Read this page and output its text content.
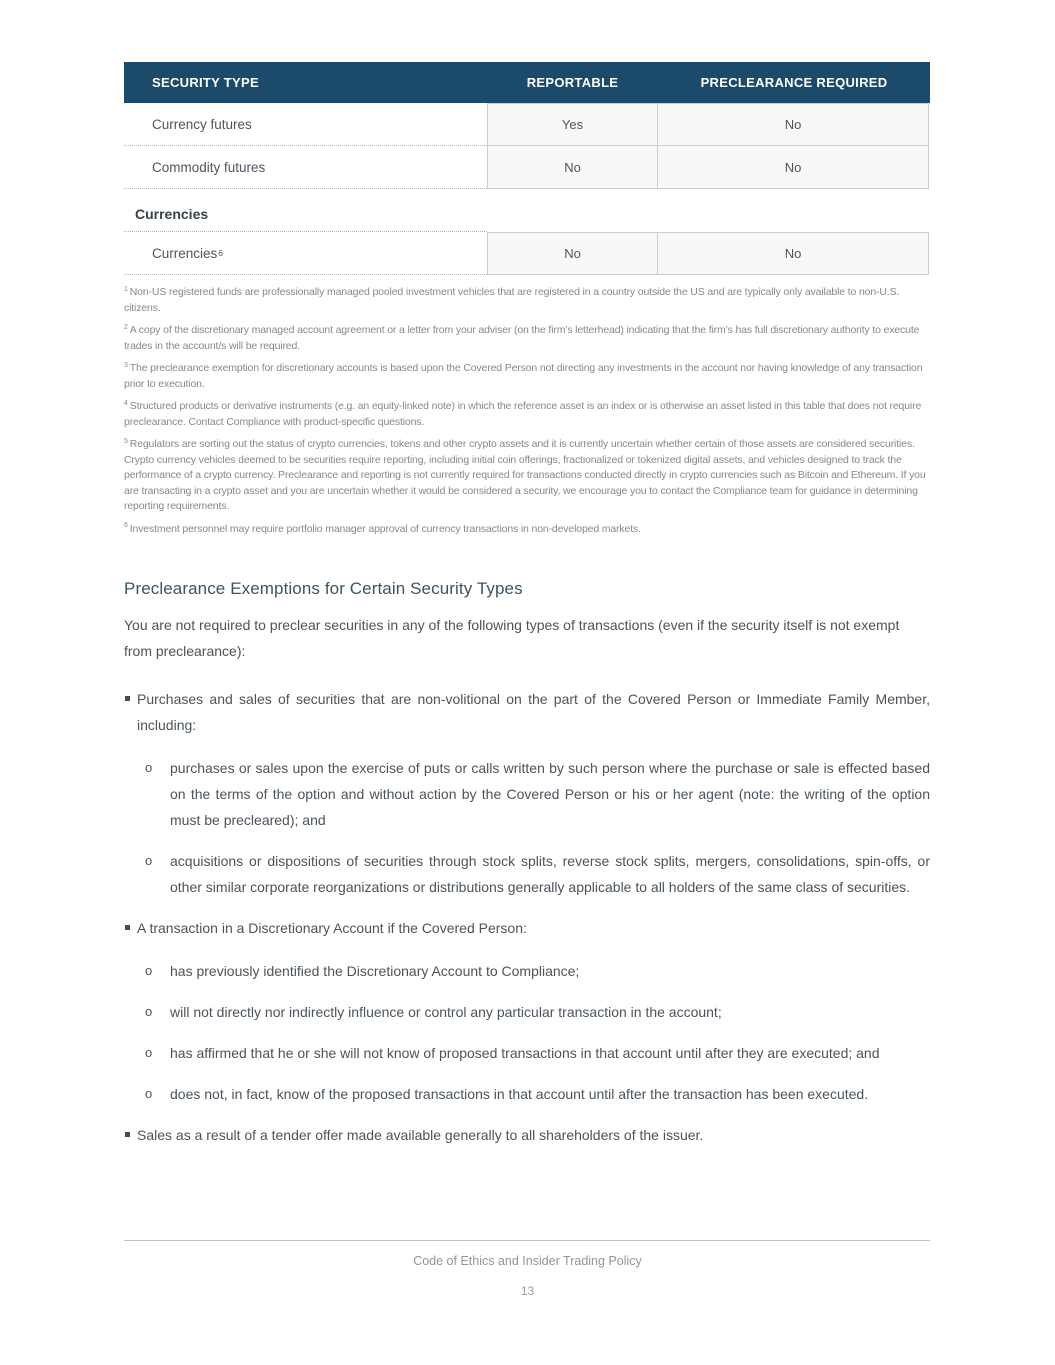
SECURITY TYPE	REPORTABLE	PRECLEARANCE REQUIRED
Currency futures	Yes	No
Commodity futures	No	No
Currencies
Currencies 6	No	No

$^1$ Non-US registered funds are professionally managed pooled investment vehicles that are registered in a country outside the US and are typically only available to non-U.S. citizens.

$^2$ A copy of the discretionary managed account agreement or a letter from your adviser (on the firm’s letterhead) indicating that the firm’s has full discretionary authority to execute trades in the account/s will be required.

$^3$ The preclearance exemption for discretionary accounts is based upon the Covered Person not directing any investments in the account nor having knowledge of any transaction prior to execution.

$^4$ Structured products or derivative instruments (e.g. an equity-linked note) in which the reference asset is an index or is otherwise an asset listed in this table that does not require preclearance. Contact Compliance with product-specific questions.

$^5$ Regulators are sorting out the status of crypto currencies, tokens and other crypto assets and it is currently uncertain whether certain of those assets are considered securities. Crypto currency vehicles deemed to be securities require reporting, including initial coin offerings, fractionalized or tokenized digital assets, and vehicles designed to track the performance of a crypto currency. Preclearance and reporting is not currently required for transactions conducted directly in crypto currencies such as Bitcoin and Ethereum. If you are transacting in a crypto asset and you are uncertain whether it would be considered a security, we encourage you to contact the Compliance team for guidance in determining reporting requirements.

$^6$ Investment personnel may require portfolio manager approval of currency transactions in non-developed markets.

Preclearance Exemptions for Certain Security Types

You are not required to preclear securities in any of the following types of transactions (even if the security itself is not exempt from preclearance):

Purchases and sales of securities that are non-volitional on the part of the Covered Person or Immediate Family Member, including:

o purchases or sales upon the exercise of puts or calls written by such person where the purchase or sale is effected based on the terms of the option and without action by the Covered Person or his or her agent (note: the writing of the option must be precleared); and

o acquisitions or dispositions of securities through stock splits, reverse stock splits, mergers, consolidations, spin-offs, or other similar corporate reorganizations or distributions generally applicable to all holders of the same class of securities.

A transaction in a Discretionary Account if the Covered Person:

o has previously identified the Discretionary Account to Compliance;

o will not directly nor indirectly influence or control any particular transaction in the account;

o has affirmed that he or she will not know of proposed transactions in that account until after they are executed; and

o does not, in fact, know of the proposed transactions in that account until after the transaction has been executed.

Sales as a result of a tender offer made available generally to all shareholders of the issuer.

Code of Ethics and Insider Trading Policy
13
